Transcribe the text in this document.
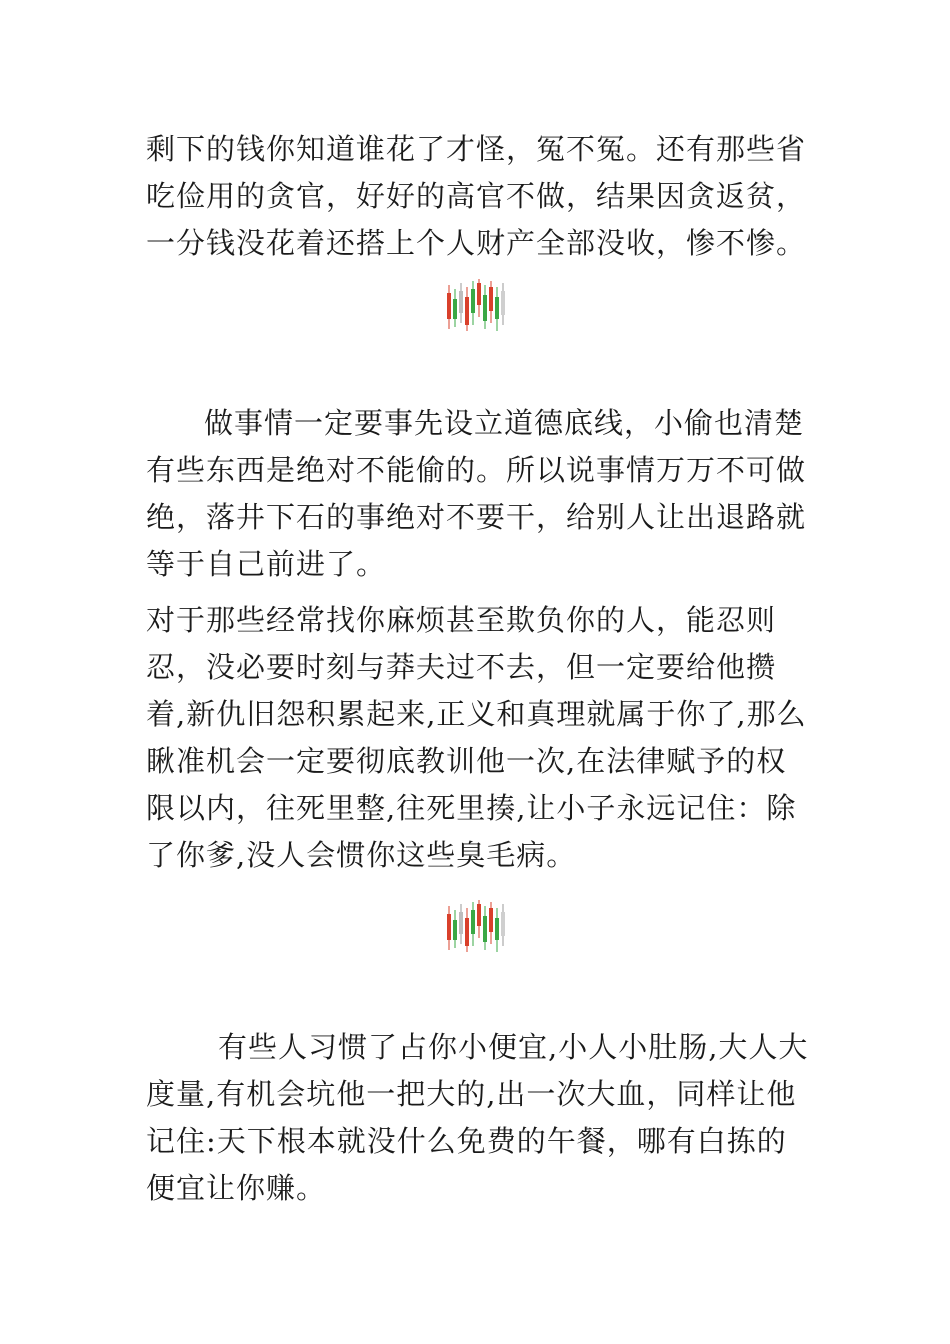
剩下的钱你知道谁花了才怪，冤不冤。还有那些省吃俭用的贪官，好好的高官不做，结果因贪返贫，一分钱没花着还搭上个人财产全部没收，惨不惨。

做事情一定要事先设立道德底线，小偷也清楚有些东西是绝对不能偷的。所以说事情万万不可做绝，落井下石的事绝对不要干，给别人让出退路就等于自己前进了。

对于那些经常找你麻烦甚至欺负你的人，能忍则忍，没必要时刻与莽夫过不去，但一定要给他攒着,新仇旧怨积累起来,正义和真理就属于你了,那么瞅准机会一定要彻底教训他一次,在法律赋予的权限以内，往死里整,往死里揍,让小子永远记住：除了你爹,没人会惯你这些臭毛病。

有些人习惯了占你小便宜,小人小肚肠,大人大度量,有机会坑他一把大的,出一次大血，同样让他记住:天下根本就没什么免费的午餐，哪有白拣的便宜让你赚。
